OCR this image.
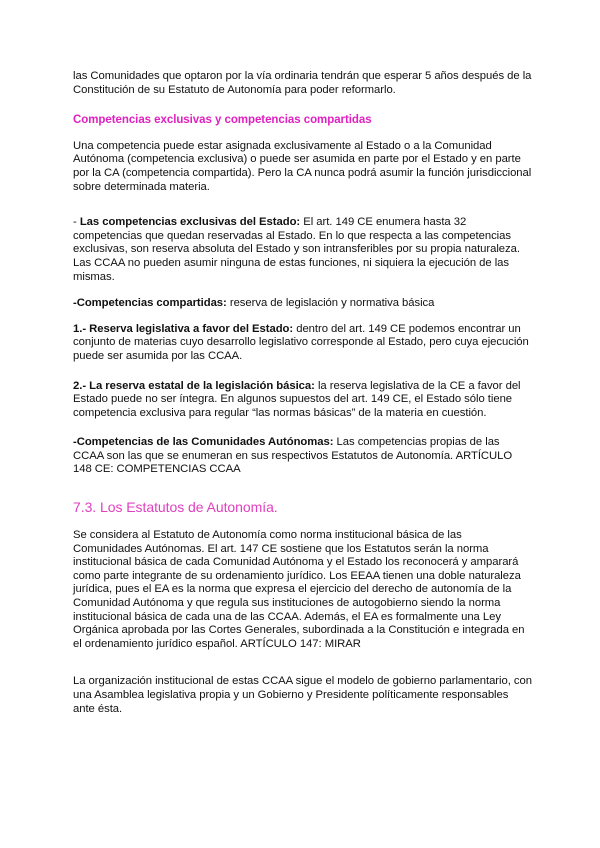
las Comunidades que optaron por la vía ordinaria tendrán que esperar 5 años después de la Constitución de su Estatuto de Autonomía para poder reformarlo.

Competencias exclusivas y competencias compartidas

Una competencia puede estar asignada exclusivamente al Estado o a la Comunidad Autónoma (competencia exclusiva) o puede ser asumida en parte por el Estado y en parte por la CA (competencia compartida). Pero la CA nunca podrá asumir la función jurisdiccional sobre determinada materia.

- Las competencias exclusivas del Estado: El art. 149 CE enumera hasta 32 competencias que quedan reservadas al Estado. En lo que respecta a las competencias exclusivas, son reserva absoluta del Estado y son intransferibles por su propia naturaleza. Las CCAA no pueden asumir ninguna de estas funciones, ni siquiera la ejecución de las mismas.

-Competencias compartidas: reserva de legislación y normativa básica

1.- Reserva legislativa a favor del Estado: dentro del art. 149 CE podemos encontrar un conjunto de materias cuyo desarrollo legislativo corresponde al Estado, pero cuya ejecución puede ser asumida por las CCAA.

2.- La reserva estatal de la legislación básica: la reserva legislativa de la CE a favor del Estado puede no ser íntegra. En algunos supuestos del art. 149 CE, el Estado sólo tiene competencia exclusiva para regular “las normas básicas” de la materia en cuestión.

-Competencias de las Comunidades Autónomas: Las competencias propias de las CCAA son las que se enumeran en sus respectivos Estatutos de Autonomía. ARTÍCULO 148 CE: COMPETENCIAS CCAA

7.3. Los Estatutos de Autonomía.

Se considera al Estatuto de Autonomía como norma institucional básica de las Comunidades Autónomas. El art. 147 CE sostiene que los Estatutos serán la norma institucional básica de cada Comunidad Autónoma y el Estado los reconocerá y amparará como parte integrante de su ordenamiento jurídico. Los EEAA tienen una doble naturaleza jurídica, pues el EA es la norma que expresa el ejercicio del derecho de autonomía de la Comunidad Autónoma y que regula sus instituciones de autogobierno siendo la norma institucional básica de cada una de las CCAA. Además, el EA es formalmente una Ley Orgánica aprobada por las Cortes Generales, subordinada a la Constitución e integrada en el ordenamiento jurídico español. ARTÍCULO 147: MIRAR

La organización institucional de estas CCAA sigue el modelo de gobierno parlamentario, con una Asamblea legislativa propia y un Gobierno y Presidente políticamente responsables ante ésta.
